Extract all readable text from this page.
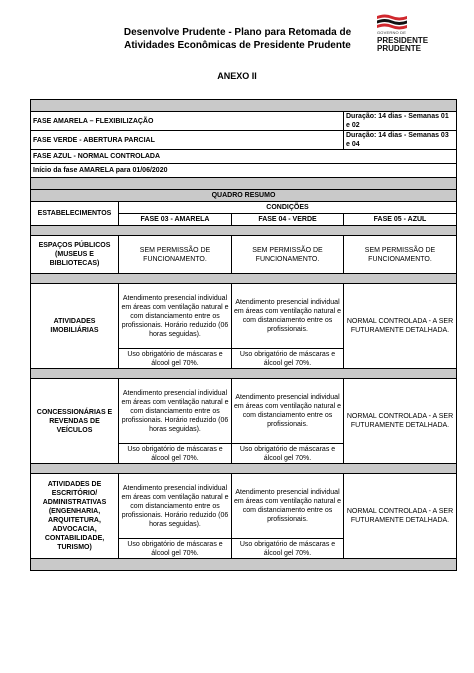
Desenvolve Prudente - Plano para Retomada de
Atividades Econômicas de Presidente Prudente
GOVERNO DE
PRESIDENTE
PRUDENTE
ANEXO II

FASE AMARELA – FLEXIBILIZAÇÃO			Duração: 14 dias - Semanas 01 e 02
FASE VERDE - ABERTURA PARCIAL			Duração: 14 dias - Semanas 03 e 04
FASE AZUL - NORMAL CONTROLADA			
Início da fase AMARELA para 01/06/2020			

QUADRO RESUMO			
ESTABELECIMENTOS	CONDIÇÕES		
	FASE 03 - AMARELA	FASE 04 - VERDE	FASE 05 - AZUL

ESPAÇOS PÚBLICOS (MUSEUS E BIBLIOTECAS)	SEM PERMISSÃO DE FUNCIONAMENTO.	SEM PERMISSÃO DE FUNCIONAMENTO.	SEM PERMISSÃO DE FUNCIONAMENTO.

ATIVIDADES IMOBILIÁRIAS	Atendimento presencial individual em áreas com ventilação natural e com distanciamento entre os profissionais. Horário reduzido (06 horas seguidas).	Atendimento presencial individual em áreas com ventilação natural e com distanciamento entre os profissionais.	NORMAL CONTROLADA - A SER FUTURAMENTE DETALHADA.
	Uso obrigatório de máscaras e álcool gel 70%.	Uso obrigatório de máscaras e álcool gel 70%.	

CONCESSIONÁRIAS E REVENDAS DE VEÍCULOS	Atendimento presencial individual em áreas com ventilação natural e com distanciamento entre os profissionais. Horário reduzido (06 horas seguidas).	Atendimento presencial individual em áreas com ventilação natural e com distanciamento entre os profissionais.	NORMAL CONTROLADA - A SER FUTURAMENTE DETALHADA.
	Uso obrigatório de máscaras e álcool gel 70%.	Uso obrigatório de máscaras e álcool gel 70%.	

ATIVIDADES DE ESCRITÓRIO/ ADMINISTRATIVAS (ENGENHARIA, ARQUITETURA, ADVOCACIA, CONTABILIDADE, TURISMO)	Atendimento presencial individual em áreas com ventilação natural e com distanciamento entre os profissionais. Horário reduzido (06 horas seguidas).	Atendimento presencial individual em áreas com ventilação natural e com distanciamento entre os profissionais.	NORMAL CONTROLADA - A SER FUTURAMENTE DETALHADA.
	Uso obrigatório de máscaras e álcool gel 70%.	Uso obrigatório de máscaras e álcool gel 70%.	
